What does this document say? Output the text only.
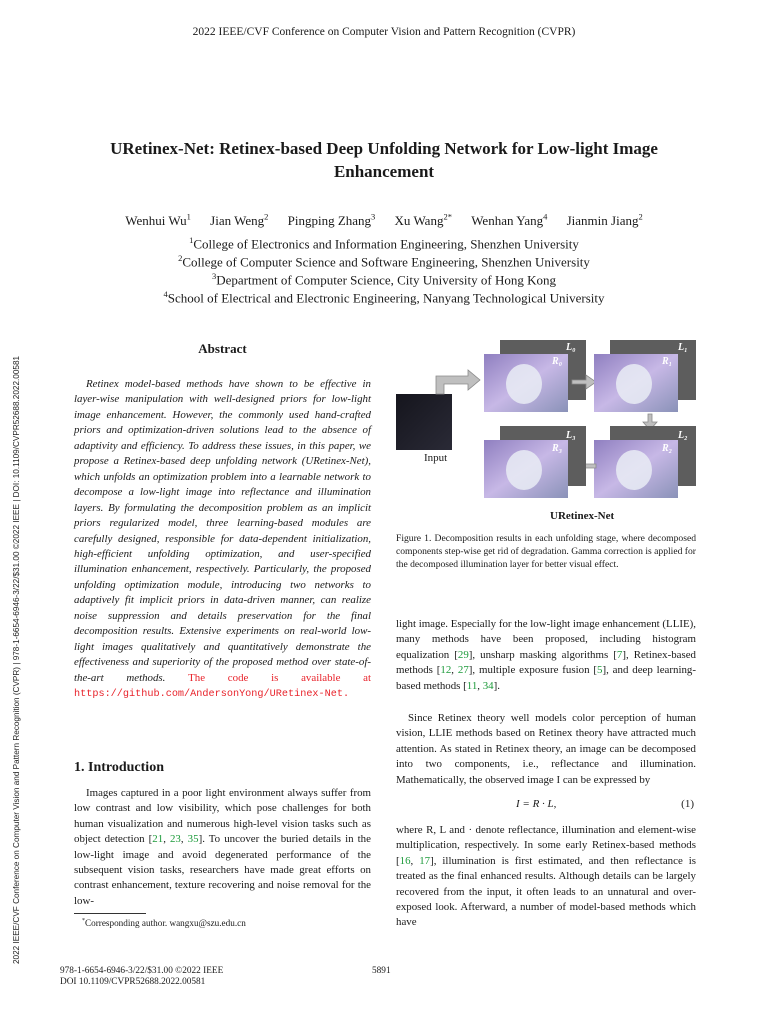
2022 IEEE/CVF Conference on Computer Vision and Pattern Recognition (CVPR)
2022 IEEE/CVF Conference on Computer Vision and Pattern Recognition (CVPR) | 978-1-6654-6946-3/22/$31.00 ©2022 IEEE | DOI: 10.1109/CVPR52688.2022.00581
URetinex-Net: Retinex-based Deep Unfolding Network for Low-light Image Enhancement
Wenhui Wu$^1$ Jian Weng$^2$ Pingping Zhang$^3$ Xu Wang$^{2*}$ Wenhan Yang$^4$ Jianmin Jiang$^2$
$^1$College of Electronics and Information Engineering, Shenzhen University
$^2$College of Computer Science and Software Engineering, Shenzhen University
$^3$Department of Computer Science, City University of Hong Kong
$^4$School of Electrical and Electronic Engineering, Nanyang Technological University
Abstract
Retinex model-based methods have shown to be effective in layer-wise manipulation with well-designed priors for low-light image enhancement. However, the commonly used hand-crafted priors and optimization-driven solutions lead to the absence of adaptivity and efficiency. To address these issues, in this paper, we propose a Retinex-based deep unfolding network (URetinex-Net), which unfolds an optimization problem into a learnable network to decompose a low-light image into reflectance and illumination layers. By formulating the decomposition problem as an implicit priors regularized model, three learning-based modules are carefully designed, responsible for data-dependent initialization, high-efficient unfolding optimization, and user-specified illumination enhancement, respectively. Particularly, the proposed unfolding optimization module, introducing two networks to adaptively fit implicit priors in data-driven manner, can realize noise suppression and details preservation for the final decomposition results. Extensive experiments on real-world low-light images qualitatively and quantitatively demonstrate the effectiveness and superiority of the proposed method over state-of-the-art methods. The code is available at https://github.com/AndersonYong/URetinex-Net.
1. Introduction
Images captured in a poor light environment always suffer from low contrast and low visibility, which pose challenges for both human visualization and numerous high-level vision tasks such as object detection [21, 23, 35]. To uncover the buried details in the low-light image and avoid degenerated performance of the subsequent vision tasks, researchers have made great efforts on contrast enhancement, texture recovering and noise removal for the low-
*Corresponding author. wangxu@szu.edu.cn
978-1-6654-6946-3/22/$31.00 ©2022 IEEE
DOI 10.1109/CVPR52688.2022.00581
5891
L₀
R₀
L₁
R₁
L₂
R₂
L₃
R₃
Input
URetinex-Net
Figure 1. Decomposition results in each unfolding stage, where decomposed components step-wise get rid of degradation. Gamma correction is applied for the decomposed illumination layer for better visual effect.
light image. Especially for the low-light image enhancement (LLIE), many methods have been proposed, including histogram equalization [29], unsharp masking algorithms [7], Retinex-based methods [12, 27], multiple exposure fusion [5], and deep learning-based methods [11, 34].
Since Retinex theory well models color perception of human vision, LLIE methods based on Retinex theory have attracted much attention. As stated in Retinex theory, an image can be decomposed into two components, i.e., reflectance and illumination. Mathematically, the observed image I can be expressed by
I = R · L,	(1)
where R, L and · denote reflectance, illumination and element-wise multiplication, respectively. In some early Retinex-based methods [16, 17], illumination is first estimated, and then reflectance is treated as the final enhanced results. Although details can be largely recovered from the input, it often leads to an unnatural and over-exposed look. Afterward, a number of model-based methods which have
